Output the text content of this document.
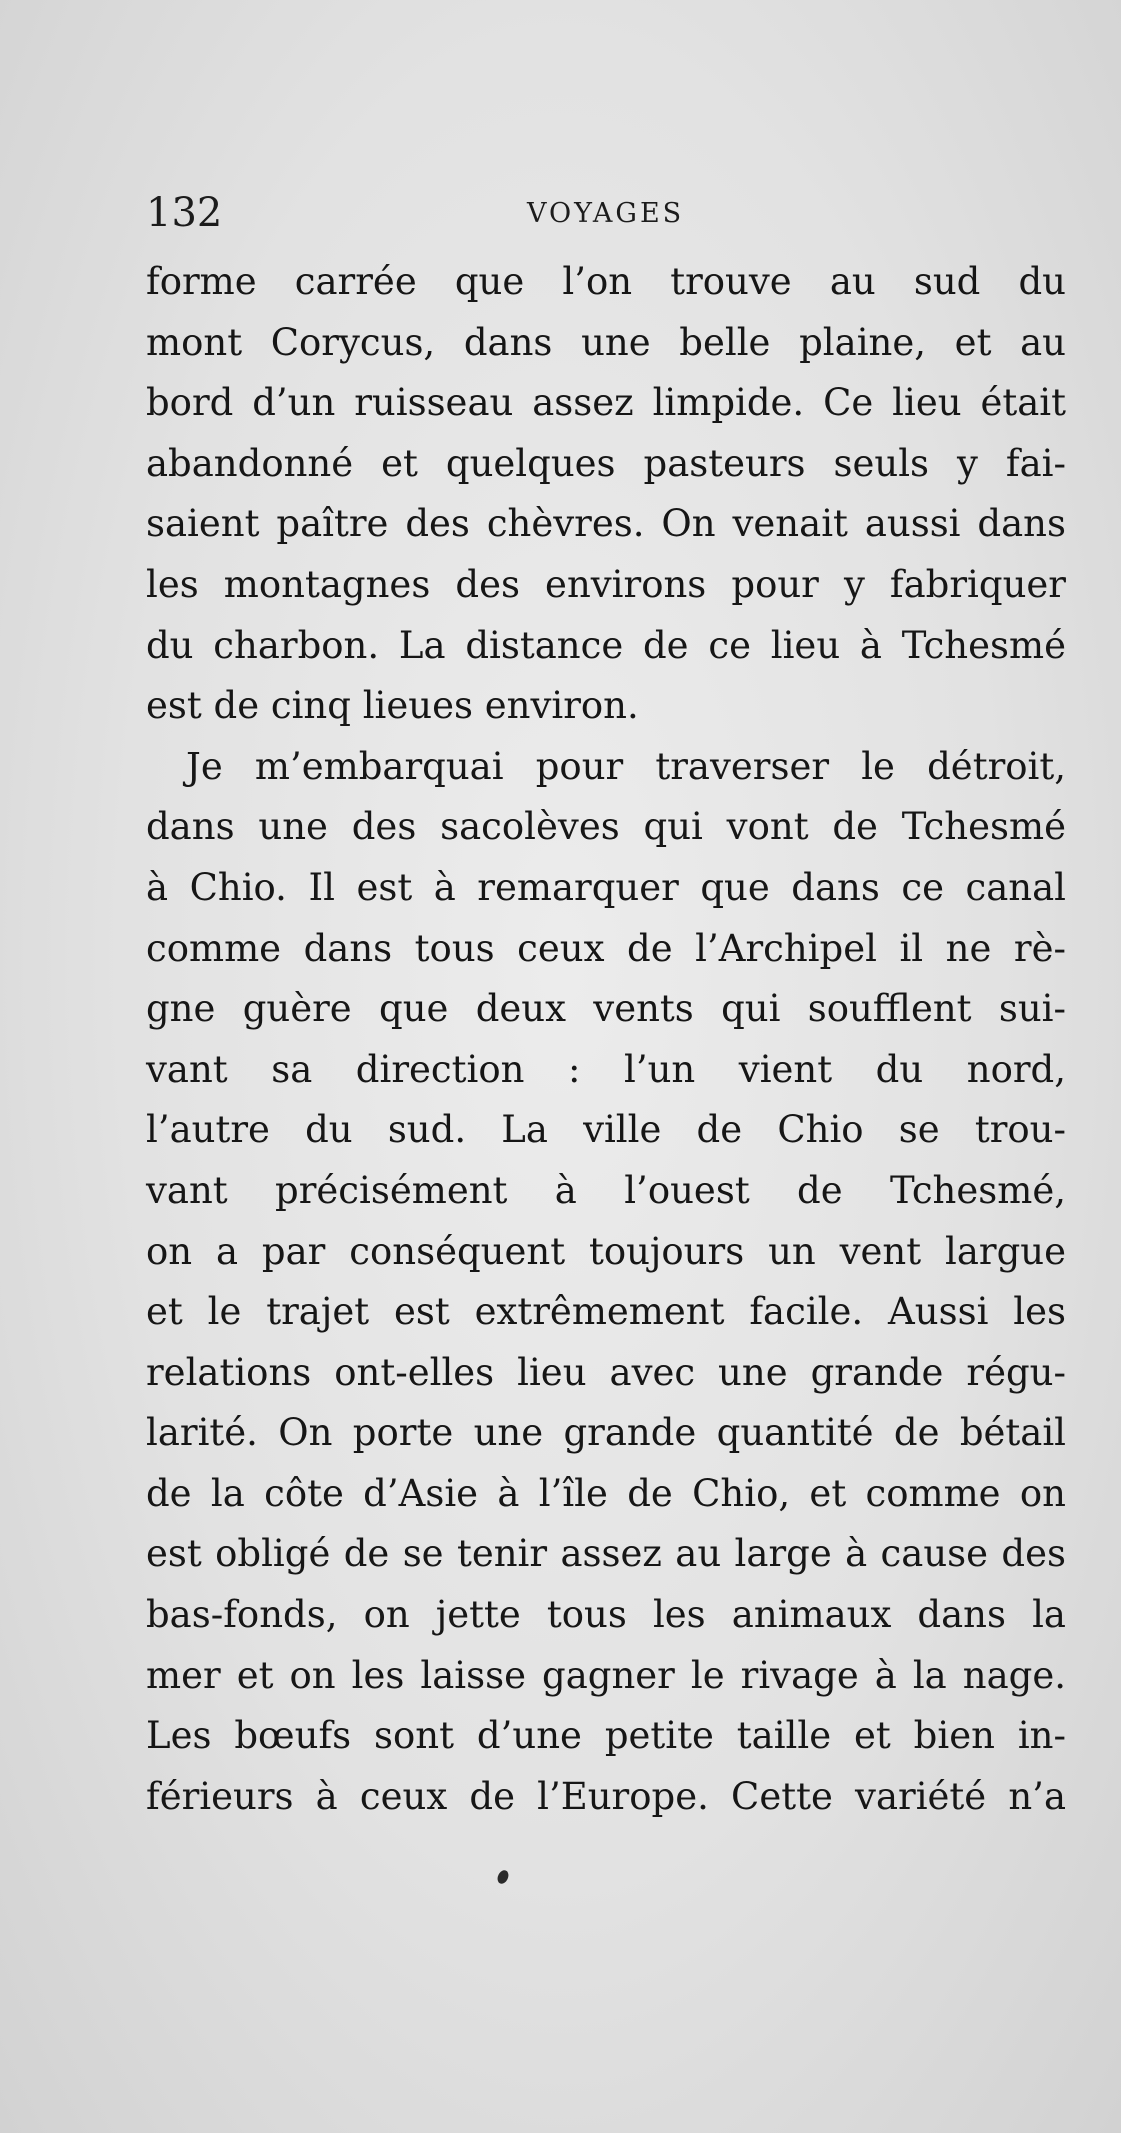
132	VOYAGES
forme carrée que l’on trouve au sud du
mont Corycus, dans une belle plaine, et au
bord d’un ruisseau assez limpide. Ce lieu était
abandonné et quelques pasteurs seuls y fai-
saient paître des chèvres. On venait aussi dans
les montagnes des environs pour y fabriquer
du charbon. La distance de ce lieu à Tchesmé
est de cinq lieues environ.
Je m’embarquai pour traverser le détroit,
dans une des sacolèves qui vont de Tchesmé
à Chio. Il est à remarquer que dans ce canal
comme dans tous ceux de l’Archipel il ne rè-
gne guère que deux vents qui soufflent sui-
vant sa direction : l’un vient du nord,
l’autre du sud. La ville de Chio se trou-
vant précisément à l’ouest de Tchesmé,
on a par conséquent toujours un vent largue
et le trajet est extrêmement facile. Aussi les
relations ont-elles lieu avec une grande régu-
larité. On porte une grande quantité de bétail
de la côte d’Asie à l’île de Chio, et comme on
est obligé de se tenir assez au large à cause des
bas-fonds, on jette tous les animaux dans la
mer et on les laisse gagner le rivage à la nage.
Les bœufs sont d’une petite taille et bien in-
férieurs à ceux de l’Europe. Cette variété n’a
